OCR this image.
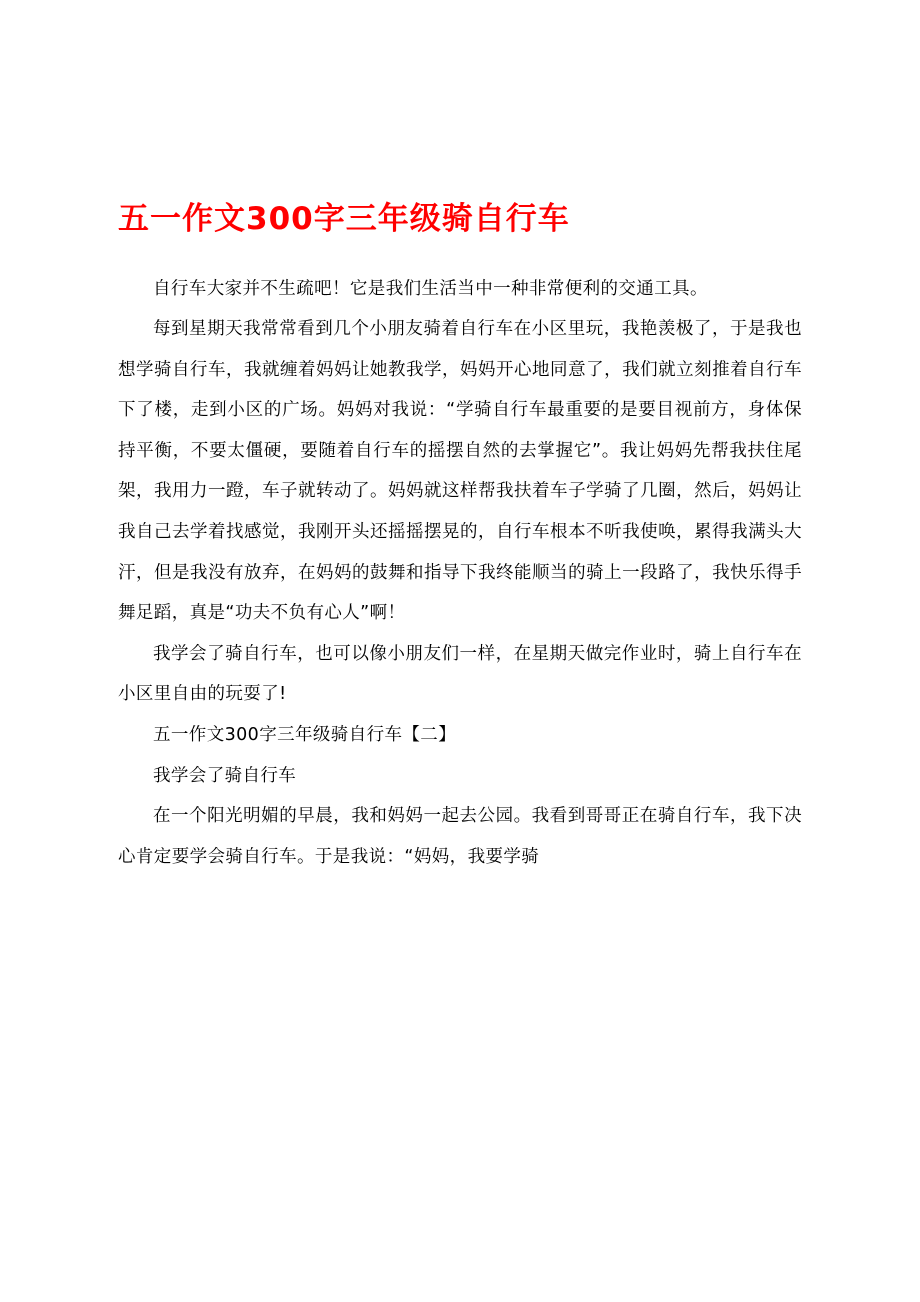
五一作文300字三年级骑自行车

自行车大家并不生疏吧！它是我们生活当中一种非常便利的交通工具。

每到星期天我常常看到几个小朋友骑着自行车在小区里玩，我艳羡极了，于是我也想学骑自行车，我就缠着妈妈让她教我学，妈妈开心地同意了，我们就立刻推着自行车下了楼，走到小区的广场。妈妈对我说：“学骑自行车最重要的是要目视前方，身体保持平衡，不要太僵硬，要随着自行车的摇摆自然的去掌握它”。我让妈妈先帮我扶住尾架，我用力一蹬，车子就转动了。妈妈就这样帮我扶着车子学骑了几圈，然后，妈妈让我自己去学着找感觉，我刚开头还摇摇摆晃的，自行车根本不听我使唤，累得我满头大汗，但是我没有放弃，在妈妈的鼓舞和指导下我终能顺当的骑上一段路了，我快乐得手舞足蹈，真是“功夫不负有心人”啊！

我学会了骑自行车，也可以像小朋友们一样，在星期天做完作业时，骑上自行车在小区里自由的玩耍了!

五一作文300字三年级骑自行车【二】

我学会了骑自行车

在一个阳光明媚的早晨，我和妈妈一起去公园。我看到哥哥正在骑自行车，我下决心肯定要学会骑自行车。于是我说：“妈妈，我要学骑
